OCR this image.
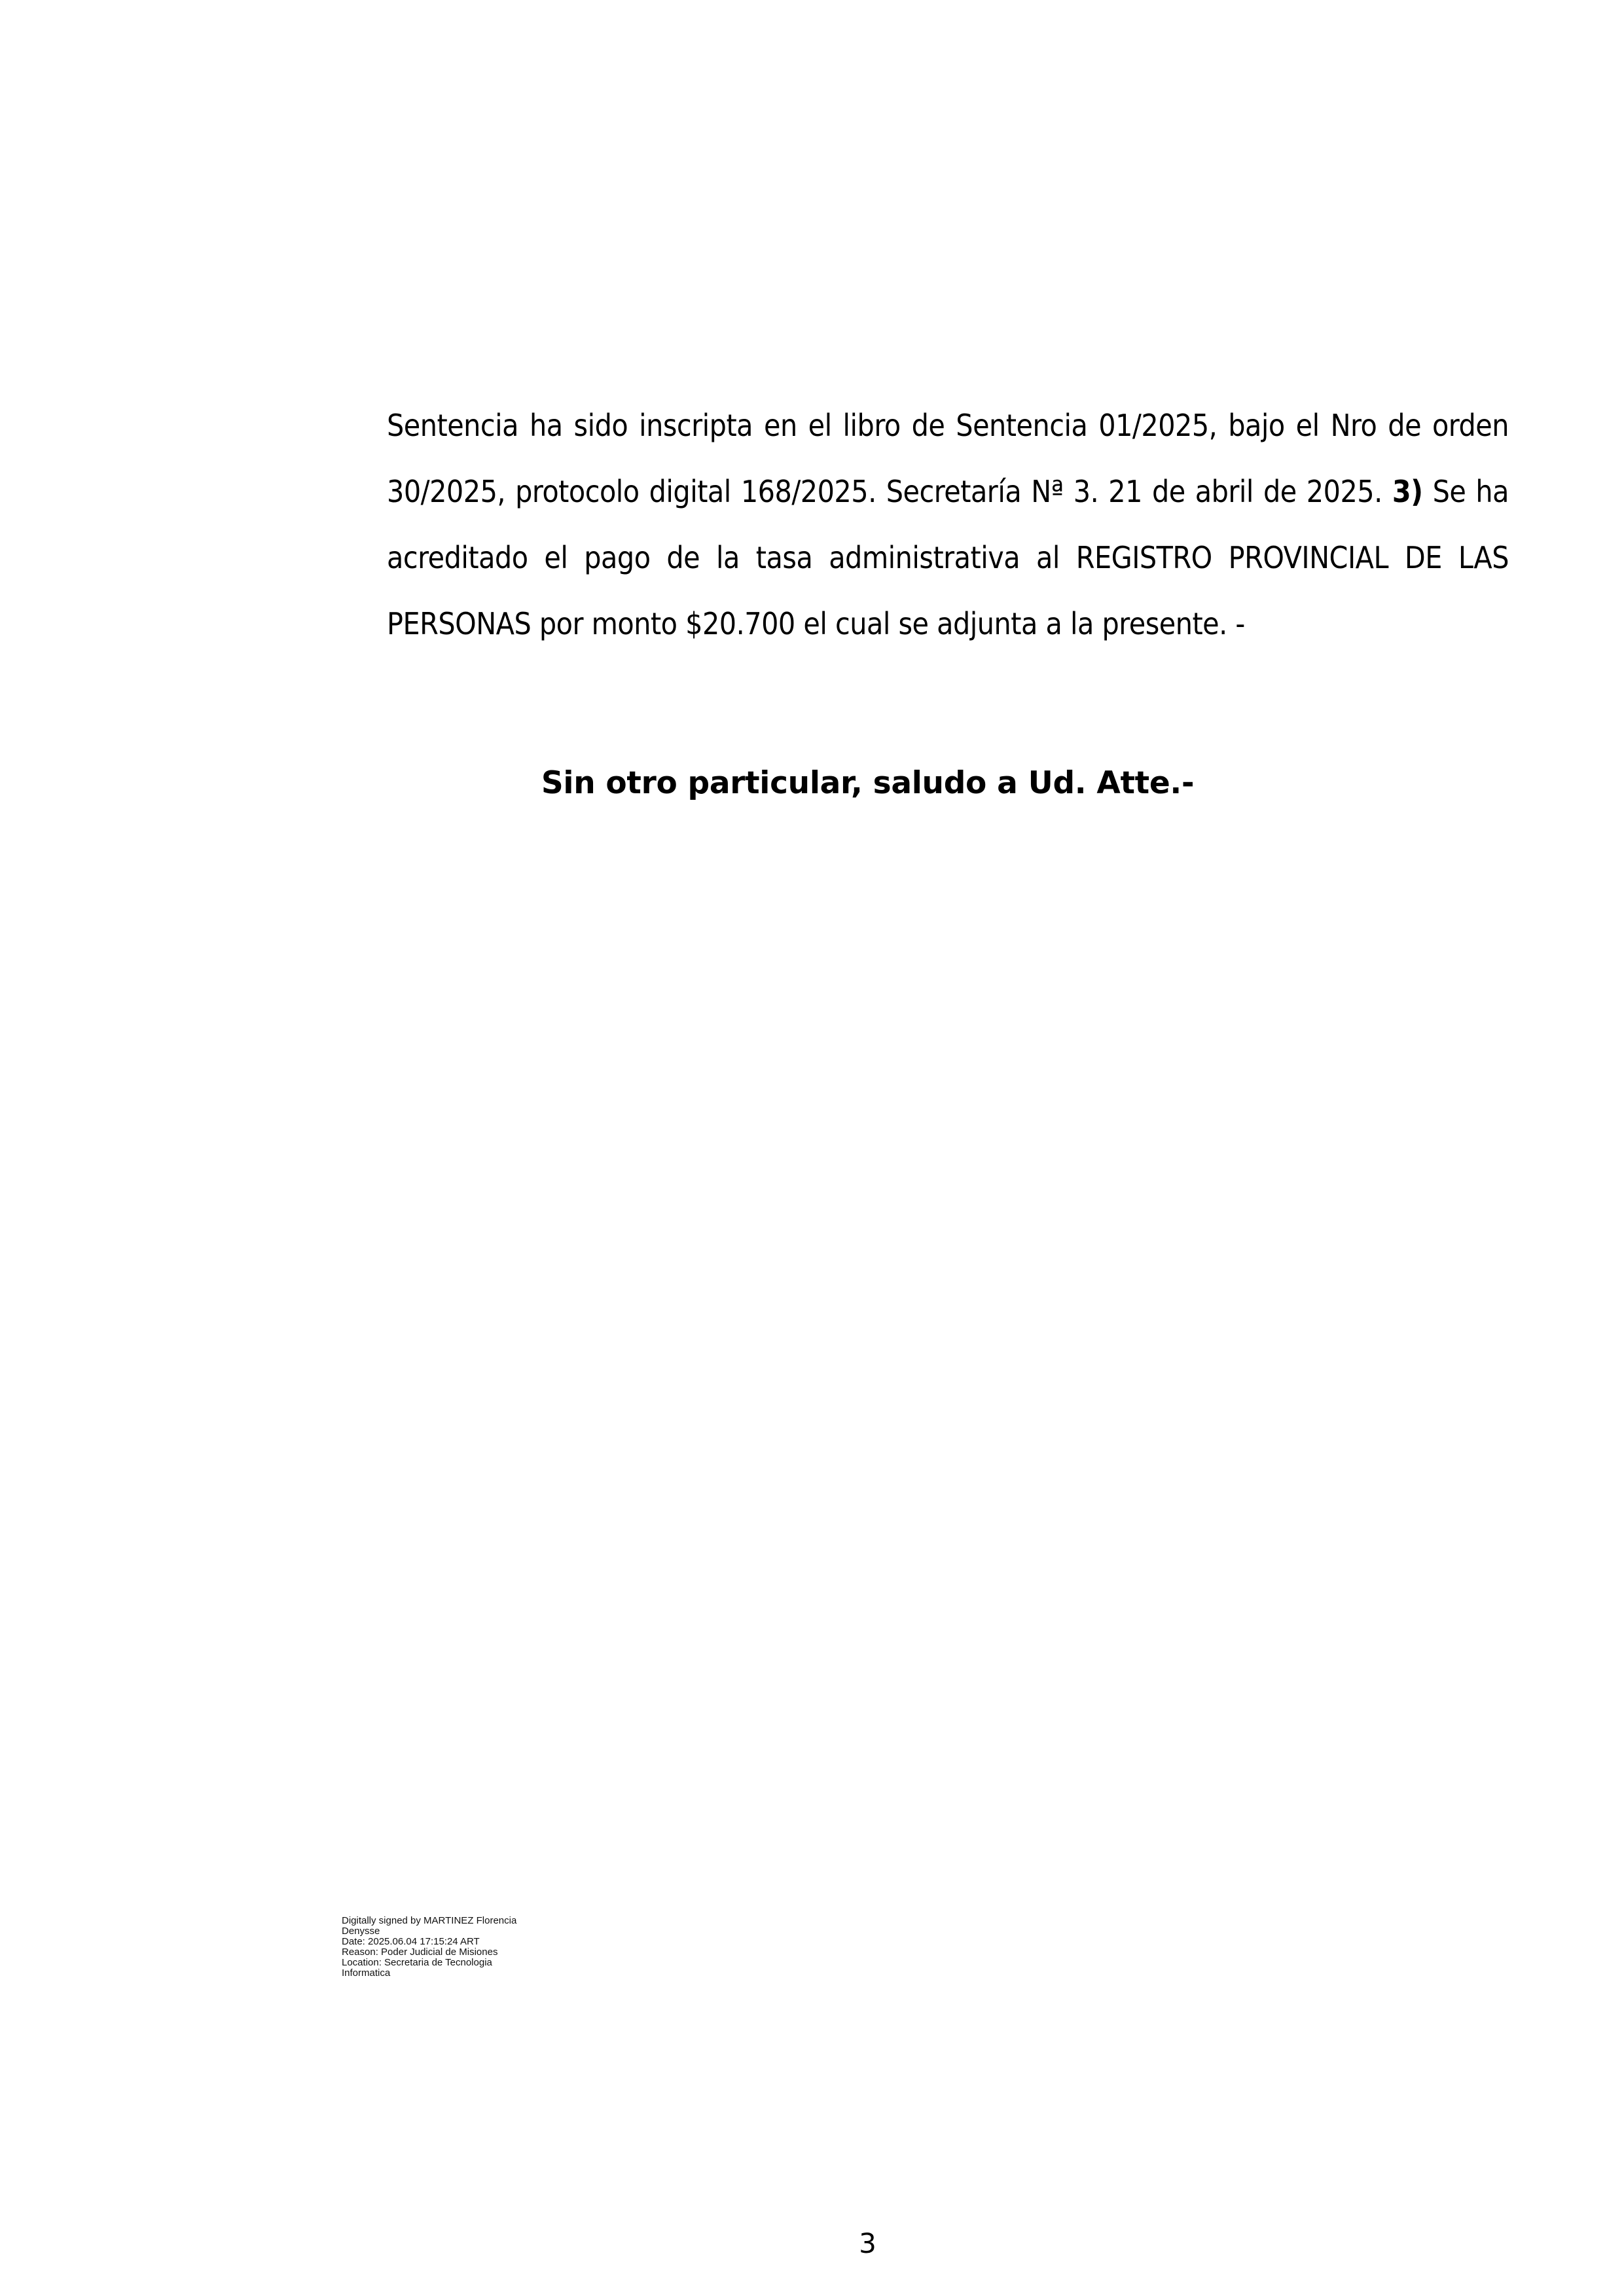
Sentencia ha sido inscripta en el libro de Sentencia 01/2025, bajo el Nro de orden 30/2025, protocolo digital 168/2025. Secretaría Nª 3. 21 de abril de 2025. 3) Se ha acreditado el pago de la tasa administrativa al REGISTRO PROVINCIAL DE LAS PERSONAS por monto $20.700 el cual se adjunta a la presente. -

Sin otro particular, saludo a Ud. Atte.-

Digitally signed by MARTINEZ Florencia
Denysse
Date: 2025.06.04 17:15:24 ART
Reason: Poder Judicial de Misiones
Location: Secretaria de Tecnologia
Informatica
3
